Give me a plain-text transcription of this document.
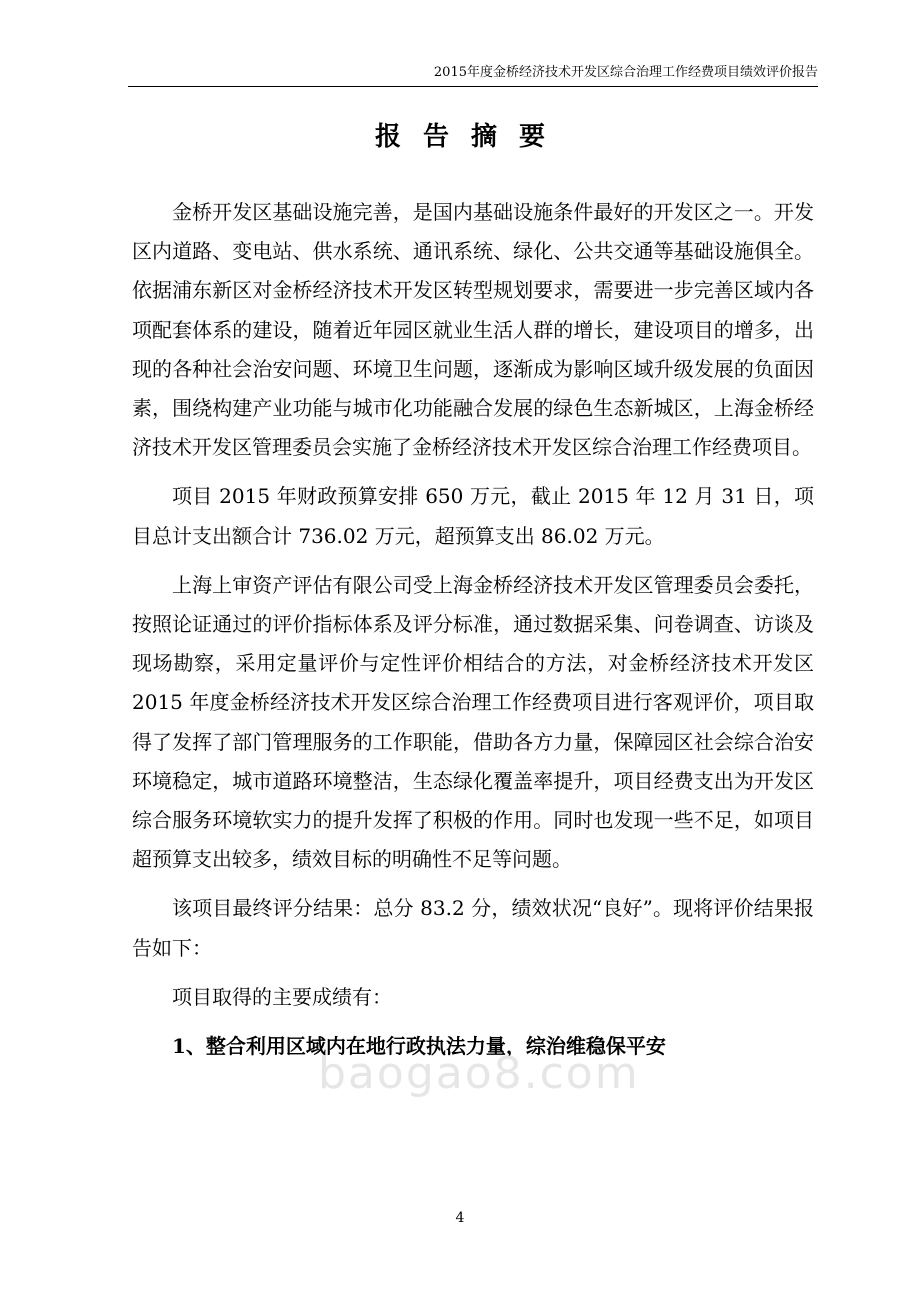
2015年度金桥经济技术开发区综合治理工作经费项目绩效评价报告
报告摘要

金桥开发区基础设施完善，是国内基础设施条件最好的开发区之一。开发区内道路、变电站、供水系统、通讯系统、绿化、公共交通等基础设施俱全。依据浦东新区对金桥经济技术开发区转型规划要求，需要进一步完善区域内各项配套体系的建设，随着近年园区就业生活人群的增长，建设项目的增多，出现的各种社会治安问题、环境卫生问题，逐渐成为影响区域升级发展的负面因素，围绕构建产业功能与城市化功能融合发展的绿色生态新城区，上海金桥经济技术开发区管理委员会实施了金桥经济技术开发区综合治理工作经费项目。

项目 2015 年财政预算安排 650 万元，截止 2015 年 12 月 31 日，项目总计支出额合计 736.02 万元，超预算支出 86.02 万元。

上海上审资产评估有限公司受上海金桥经济技术开发区管理委员会委托，按照论证通过的评价指标体系及评分标准，通过数据采集、问卷调查、访谈及现场勘察，采用定量评价与定性评价相结合的方法，对金桥经济技术开发区 2015 年度金桥经济技术开发区综合治理工作经费项目进行客观评价，项目取得了发挥了部门管理服务的工作职能，借助各方力量，保障园区社会综合治安环境稳定，城市道路环境整洁，生态绿化覆盖率提升，项目经费支出为开发区综合服务环境软实力的提升发挥了积极的作用。同时也发现一些不足，如项目超预算支出较多，绩效目标的明确性不足等问题。

该项目最终评分结果：总分 83.2 分，绩效状况“良好”。现将评价结果报告如下：

项目取得的主要成绩有：

1、整合利用区域内在地行政执法力量，综治维稳保平安

baogao8.com
4
